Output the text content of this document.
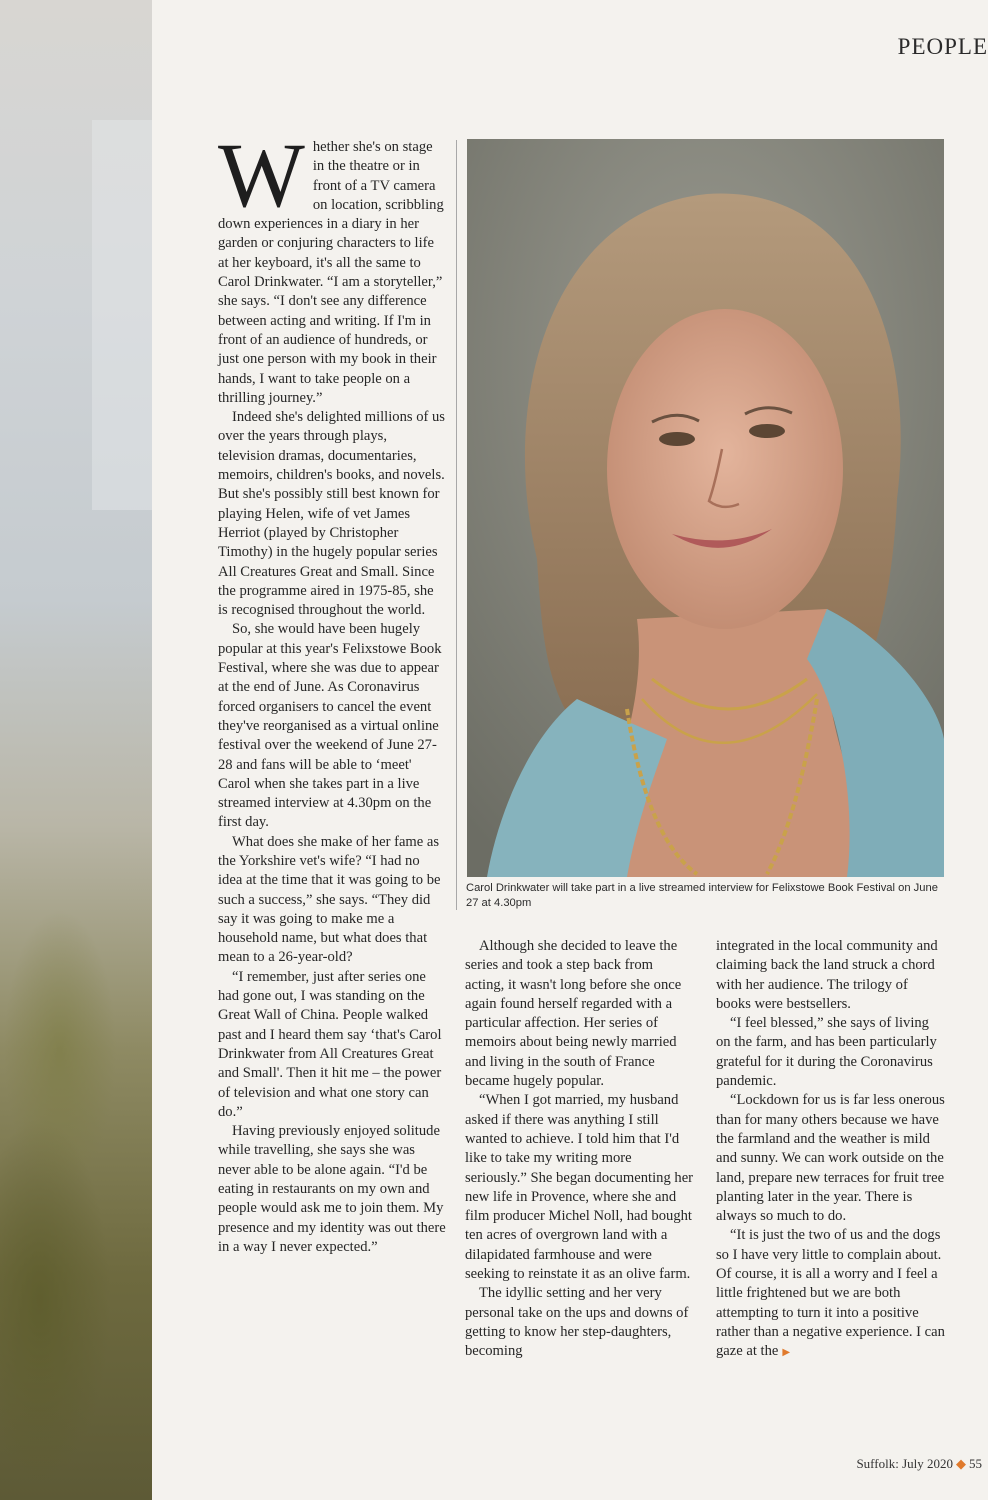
PEOPLE

Whether she's on stage in the theatre or in front of a TV camera on location, scribbling down experiences in a diary in her garden or conjuring characters to life at her keyboard, it's all the same to Carol Drinkwater. “I am a storyteller,” she says. “I don't see any difference between acting and writing. If I'm in front of an audience of hundreds, or just one person with my book in their hands, I want to take people on a thrilling journey.”

Indeed she's delighted millions of us over the years through plays, television dramas, documentaries, memoirs, children's books, and novels. But she's possibly still best known for playing Helen, wife of vet James Herriot (played by Christopher Timothy) in the hugely popular series All Creatures Great and Small. Since the programme aired in 1975-85, she is recognised throughout the world.

So, she would have been hugely popular at this year's Felixstowe Book Festival, where she was due to appear at the end of June. As Coronavirus forced organisers to cancel the event they've reorganised as a virtual online festival over the weekend of June 27-28 and fans will be able to ‘meet' Carol when she takes part in a live streamed interview at 4.30pm on the first day.

What does she make of her fame as the Yorkshire vet's wife? “I had no idea at the time that it was going to be such a success,” she says. “They did say it was going to make me a household name, but what does that mean to a 26-year-old?

“I remember, just after series one had gone out, I was standing on the Great Wall of China. People walked past and I heard them say ‘that's Carol Drinkwater from All Creatures Great and Small'. Then it hit me – the power of television and what one story can do.”

Having previously enjoyed solitude while travelling, she says she was never able to be alone again. “I'd be eating in restaurants on my own and people would ask me to join them. My presence and my identity was out there in a way I never expected.”

Carol Drinkwater will take part in a live streamed interview for Felixstowe Book Festival on June 27 at 4.30pm

Although she decided to leave the series and took a step back from acting, it wasn't long before she once again found herself regarded with a particular affection. Her series of memoirs about being newly married and living in the south of France became hugely popular.

“When I got married, my husband asked if there was anything I still wanted to achieve. I told him that I'd like to take my writing more seriously.” She began documenting her new life in Provence, where she and film producer Michel Noll, had bought ten acres of overgrown land with a dilapidated farmhouse and were seeking to reinstate it as an olive farm.

The idyllic setting and her very personal take on the ups and downs of getting to know her step-daughters, becoming

integrated in the local community and claiming back the land struck a chord with her audience. The trilogy of books were bestsellers.

“I feel blessed,” she says of living on the farm, and has been particularly grateful for it during the Coronavirus pandemic.

“Lockdown for us is far less onerous than for many others because we have the farmland and the weather is mild and sunny. We can work outside on the land, prepare new terraces for fruit tree planting later in the year. There is always so much to do.

“It is just the two of us and the dogs so I have very little to complain about. Of course, it is all a worry and I feel a little frightened but we are both attempting to turn it into a positive rather than a negative experience. I can gaze at the ▶

Suffolk: July 2020 ◆ 55
